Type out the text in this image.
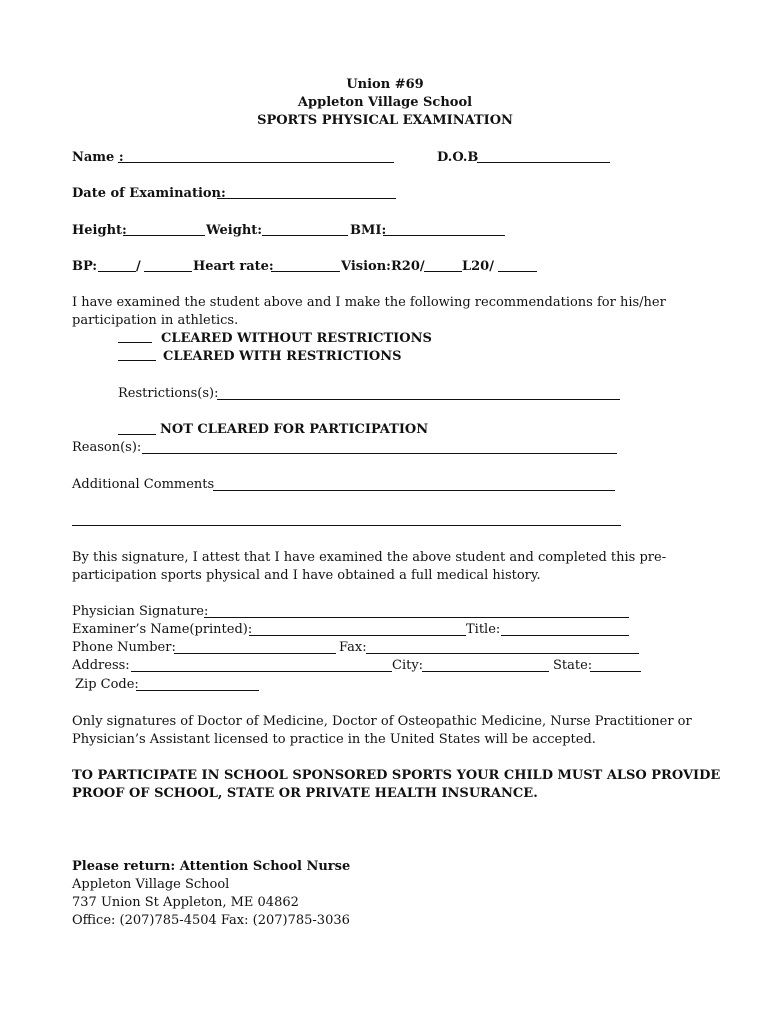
Union #69
Appleton Village School
SPORTS PHYSICAL EXAMINATION
Name :	D.O.B
Date of Examination:
Height:	Weight:	BMI:
BP:	/	Heart rate:	Vision:R20/	L20/
I have examined the student above and I make the following recommendations for his/her
participation in athletics.
CLEARED WITHOUT RESTRICTIONS
CLEARED WITH RESTRICTIONS
Restrictions(s):
NOT CLEARED FOR PARTICIPATION
Reason(s):
Additional Comments
By this signature, I attest that I have examined the above student and completed this pre-
participation sports physical and I have obtained a full medical history.
Physician Signature:
Examiner’s Name(printed):	Title:
Phone Number:	Fax:
Address:	City:	State:
Zip Code:
Only signatures of Doctor of Medicine, Doctor of Osteopathic Medicine, Nurse Practitioner or
Physician’s Assistant licensed to practice in the United States will be accepted.
TO PARTICIPATE IN SCHOOL SPONSORED SPORTS YOUR CHILD MUST ALSO PROVIDE
PROOF OF SCHOOL, STATE OR PRIVATE HEALTH INSURANCE.
Please return: Attention School Nurse
Appleton Village School
737 Union St Appleton, ME 04862
Office: (207)785-4504 Fax: (207)785-3036
